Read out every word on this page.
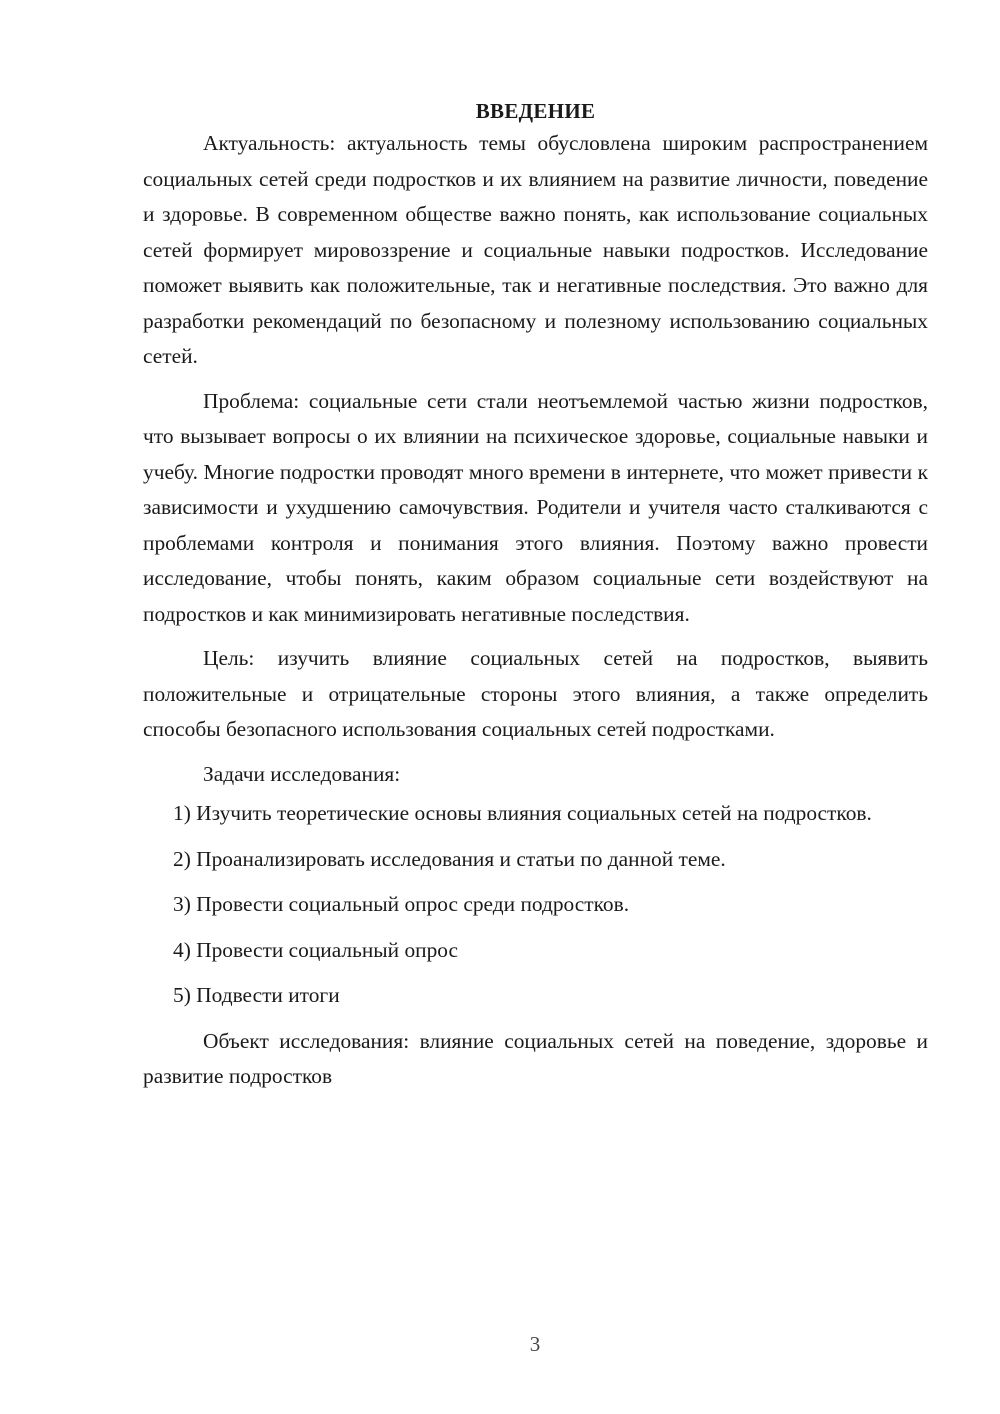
ВВЕДЕНИЕ

Актуальность: актуальность темы обусловлена широким распространением социальных сетей среди подростков и их влиянием на развитие личности, поведение и здоровье. В современном обществе важно понять, как использование социальных сетей формирует мировоззрение и социальные навыки подростков. Исследование поможет выявить как положительные, так и негативные последствия. Это важно для разработки рекомендаций по безопасному и полезному использованию социальных сетей.

Проблема: социальные сети стали неотъемлемой частью жизни подростков, что вызывает вопросы о их влиянии на психическое здоровье, социальные навыки и учебу. Многие подростки проводят много времени в интернете, что может привести к зависимости и ухудшению самочувствия. Родители и учителя часто сталкиваются с проблемами контроля и понимания этого влияния. Поэтому важно провести исследование, чтобы понять, каким образом социальные сети воздействуют на подростков и как минимизировать негативные последствия.

Цель: изучить влияние социальных сетей на подростков, выявить положительные и отрицательные стороны этого влияния, а также определить способы безопасного использования социальных сетей подростками.

Задачи исследования:

1) Изучить теоретические основы влияния социальных сетей на подростков.

2) Проанализировать исследования и статьи по данной теме.

3) Провести социальный опрос среди подростков.

4) Провести социальный опрос

5) Подвести итоги

Объект исследования: влияние социальных сетей на поведение, здоровье и развитие подростков

3
